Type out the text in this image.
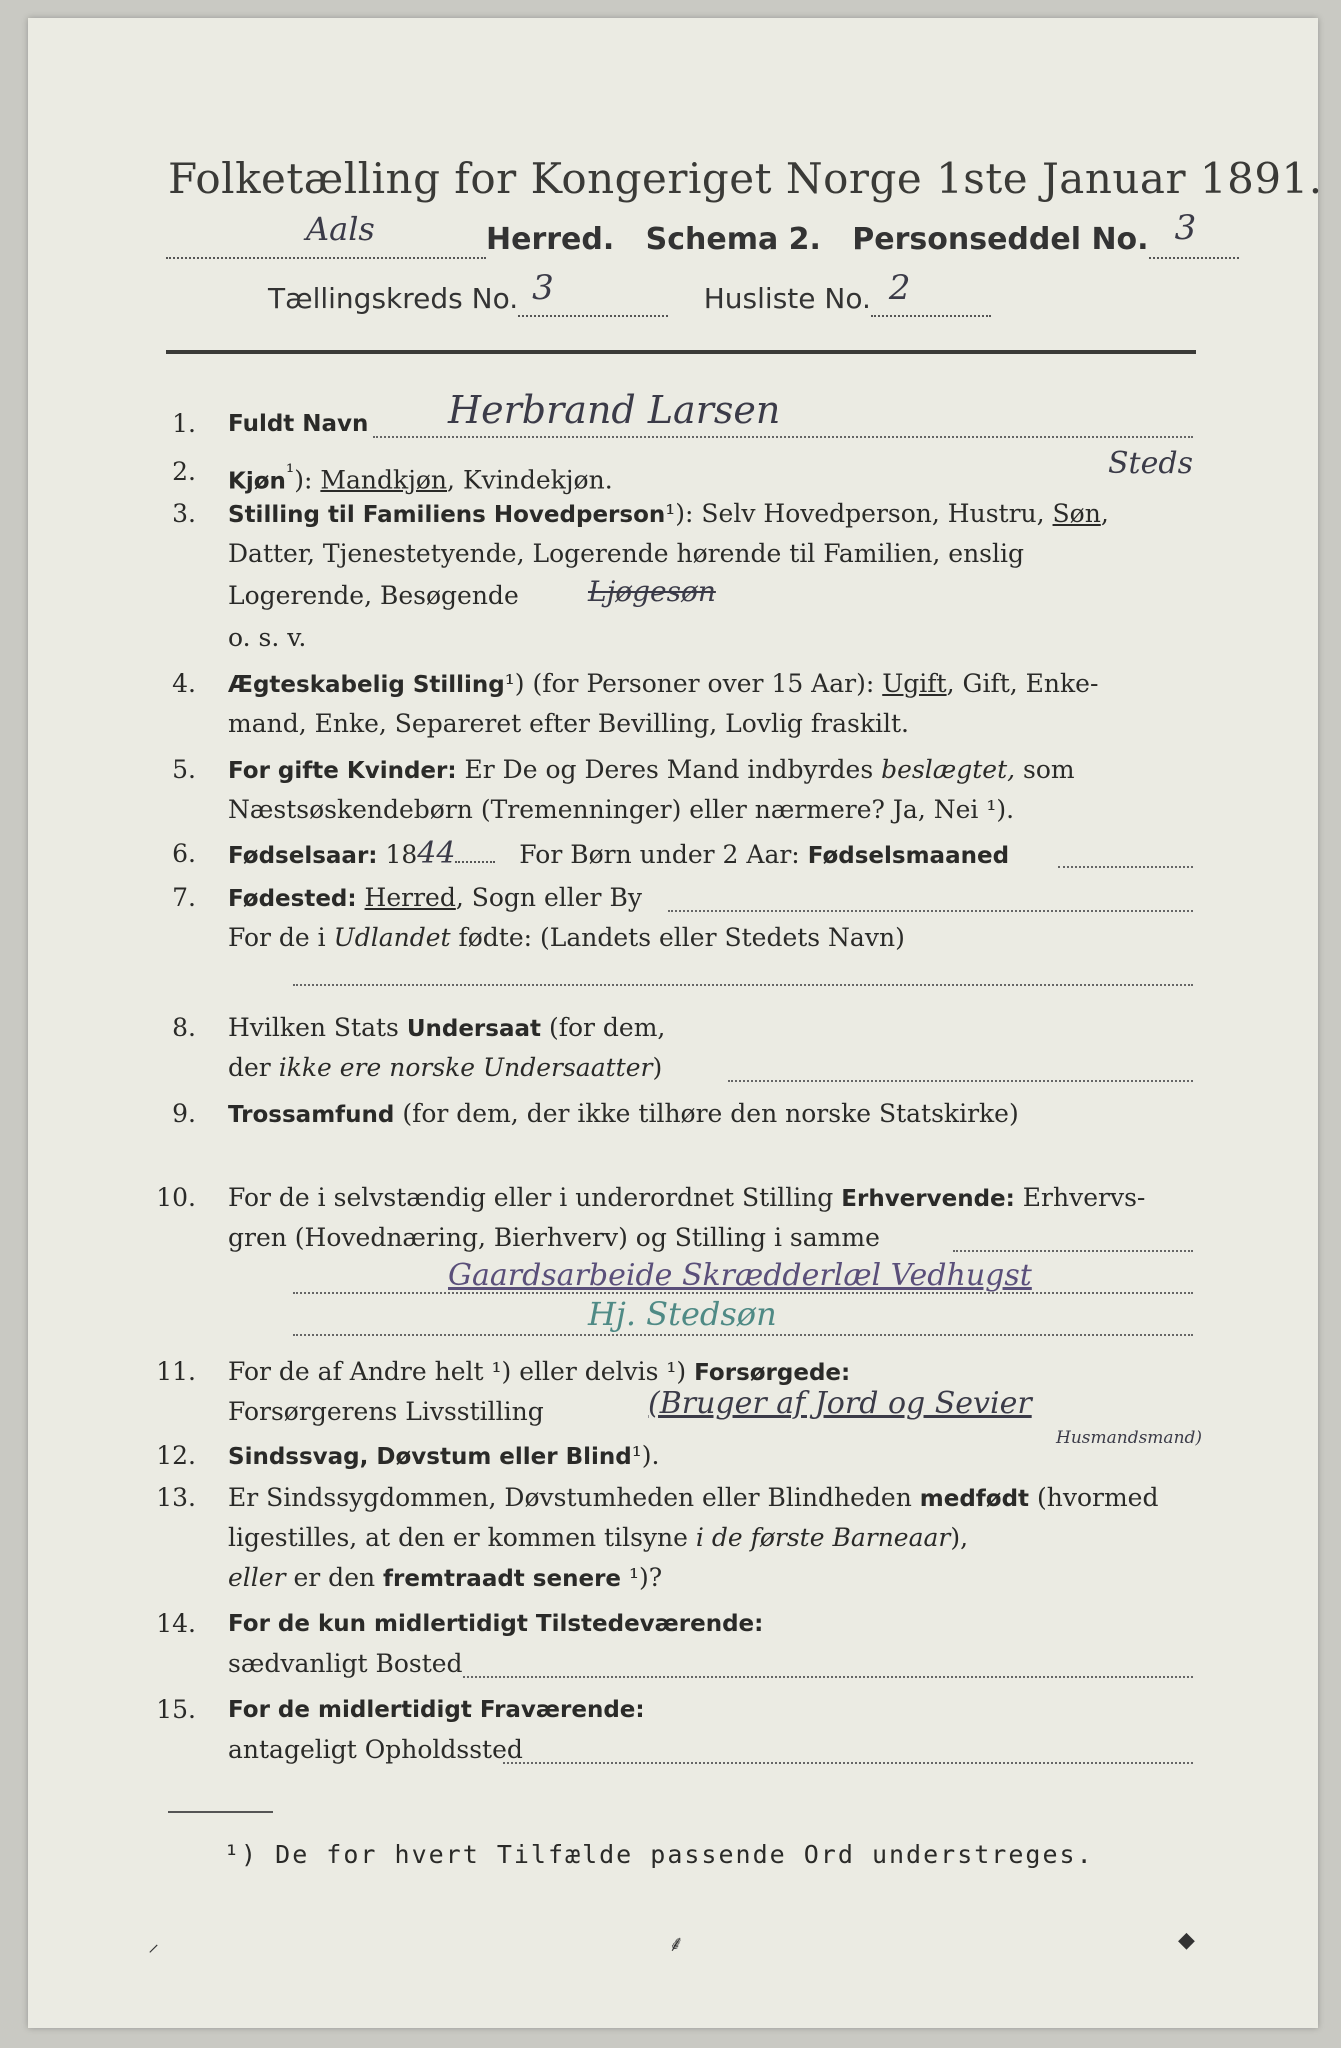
Folketælling for Kongeriget Norge 1ste Januar 1891.
Aals	Herred. Schema 2. Personseddel No. 3

Tællingskreds No. 3	Husliste No. 2

1. Fuldt Navn Herbrand Larsen
2. Kjøn$^{^1}$): Mandkjøn, Kvindekjøn.	Steds
3. Stilling til Familiens Hovedperson¹): Selv Hovedperson, Hustru, Søn,
Datter, Tjenestetyende, Logerende hørende til Familien, enslig
Logerende, Besøgende Ljøgesøn
o. s. v.
4. Ægteskabelig Stilling¹) (for Personer over 15 Aar): Ugift, Gift, Enke-
mand, Enke, Separeret efter Bevilling, Lovlig fraskilt.
5. For gifte Kvinder: Er De og Deres Mand indbyrdes beslægtet, som
Næstsøskendebørn (Tremenninger) eller nærmere? Ja, Nei ¹).
6. Fødselsaar: 1844	For Børn under 2 Aar: Fødselsmaaned
7. Fødested: Herred, Sogn eller By
For de i Udlandet fødte: (Landets eller Stedets Navn)
8. Hvilken Stats Undersaat (for dem,
der ikke ere norske Undersaatter)
9. Trossamfund (for dem, der ikke tilhøre den norske Statskirke)
10. For de i selvstændig eller i underordnet Stilling Erhvervende: Erhvervs-
gren (Hovednæring, Bierhverv) og Stilling i samme
Gaardsarbeide Skrædderlæl Vedhugst
Hj. Stedsøn
11. For de af Andre helt ¹) eller delvis ¹) Forsørgede:
Forsørgerens Livsstilling	(Bruger af Jord og Sevier
Husmandsmand)
12. Sindssvag, Døvstum eller Blind¹).
13. Er Sindssygdommen, Døvstumheden eller Blindheden medfødt (hvormed
ligestilles, at den er kommen tilsyne i de første Barneaar),
eller er den fremtraadt senere ¹)?
14. For de kun midlertidigt Tilstedeværende:
sædvanligt Bosted
15. For de midlertidigt Fraværende:
antageligt Opholdssted
¹) De for hvert Tilfælde passende Ord understreges.
⸝	⸙	◆
